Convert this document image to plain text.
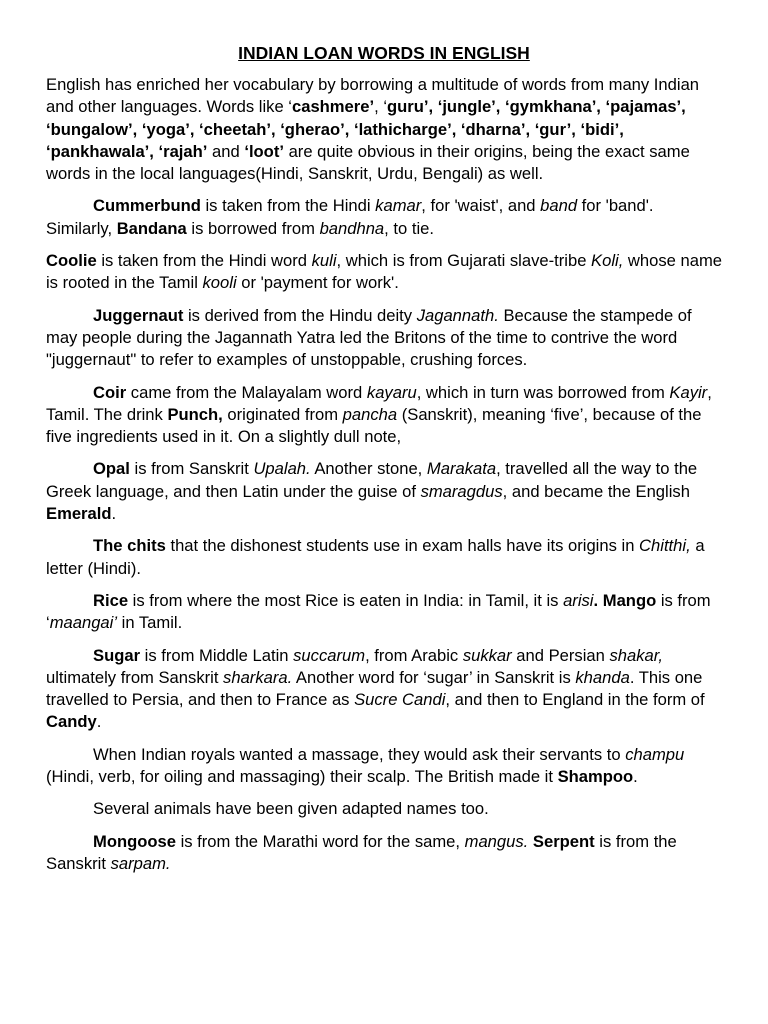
INDIAN LOAN WORDS IN ENGLISH

English has enriched her vocabulary by borrowing a multitude of words from many Indian and other languages. Words like ‘cashmere’, ‘guru’, ‘jungle’, ‘gymkhana’, ‘pajamas’, ‘bungalow’, ‘yoga’, ‘cheetah’, ‘gherao’, ‘lathicharge’, ‘dharna’, ‘gur’, ‘bidi’, ‘pankhawala’, ‘rajah’ and ‘loot’ are quite obvious in their origins, being the exact same words in the local languages(Hindi, Sanskrit, Urdu, Bengali) as well.

Cummerbund is taken from the Hindi kamar, for 'waist', and band for 'band'. Similarly, Bandana is borrowed from bandhna, to tie.

Coolie is taken from the Hindi word kuli, which is from Gujarati slave-tribe Koli, whose name is rooted in the Tamil kooli or 'payment for work'.

Juggernaut is derived from the Hindu deity Jagannath. Because the stampede of may people during the Jagannath Yatra led the Britons of the time to contrive the word "juggernaut" to refer to examples of unstoppable, crushing forces.

Coir came from the Malayalam word kayaru, which in turn was borrowed from Kayir, Tamil. The drink Punch, originated from pancha (Sanskrit), meaning ‘five’, because of the five ingredients used in it. On a slightly dull note,

Opal is from Sanskrit Upalah. Another stone, Marakata, travelled all the way to the Greek language, and then Latin under the guise of smaragdus, and became the English Emerald.

The chits that the dishonest students use in exam halls have its origins in Chitthi, a letter (Hindi).

Rice is from where the most Rice is eaten in India: in Tamil, it is arisi. Mango is from ‘maangai’ in Tamil.

Sugar is from Middle Latin succarum, from Arabic sukkar and Persian shakar, ultimately from Sanskrit sharkara. Another word for ‘sugar’ in Sanskrit is khanda. This one travelled to Persia, and then to France as Sucre Candi, and then to England in the form of Candy.

When Indian royals wanted a massage, they would ask their servants to champu (Hindi, verb, for oiling and massaging) their scalp. The British made it Shampoo.

Several animals have been given adapted names too.

Mongoose is from the Marathi word for the same, mangus. Serpent is from the Sanskrit sarpam.
